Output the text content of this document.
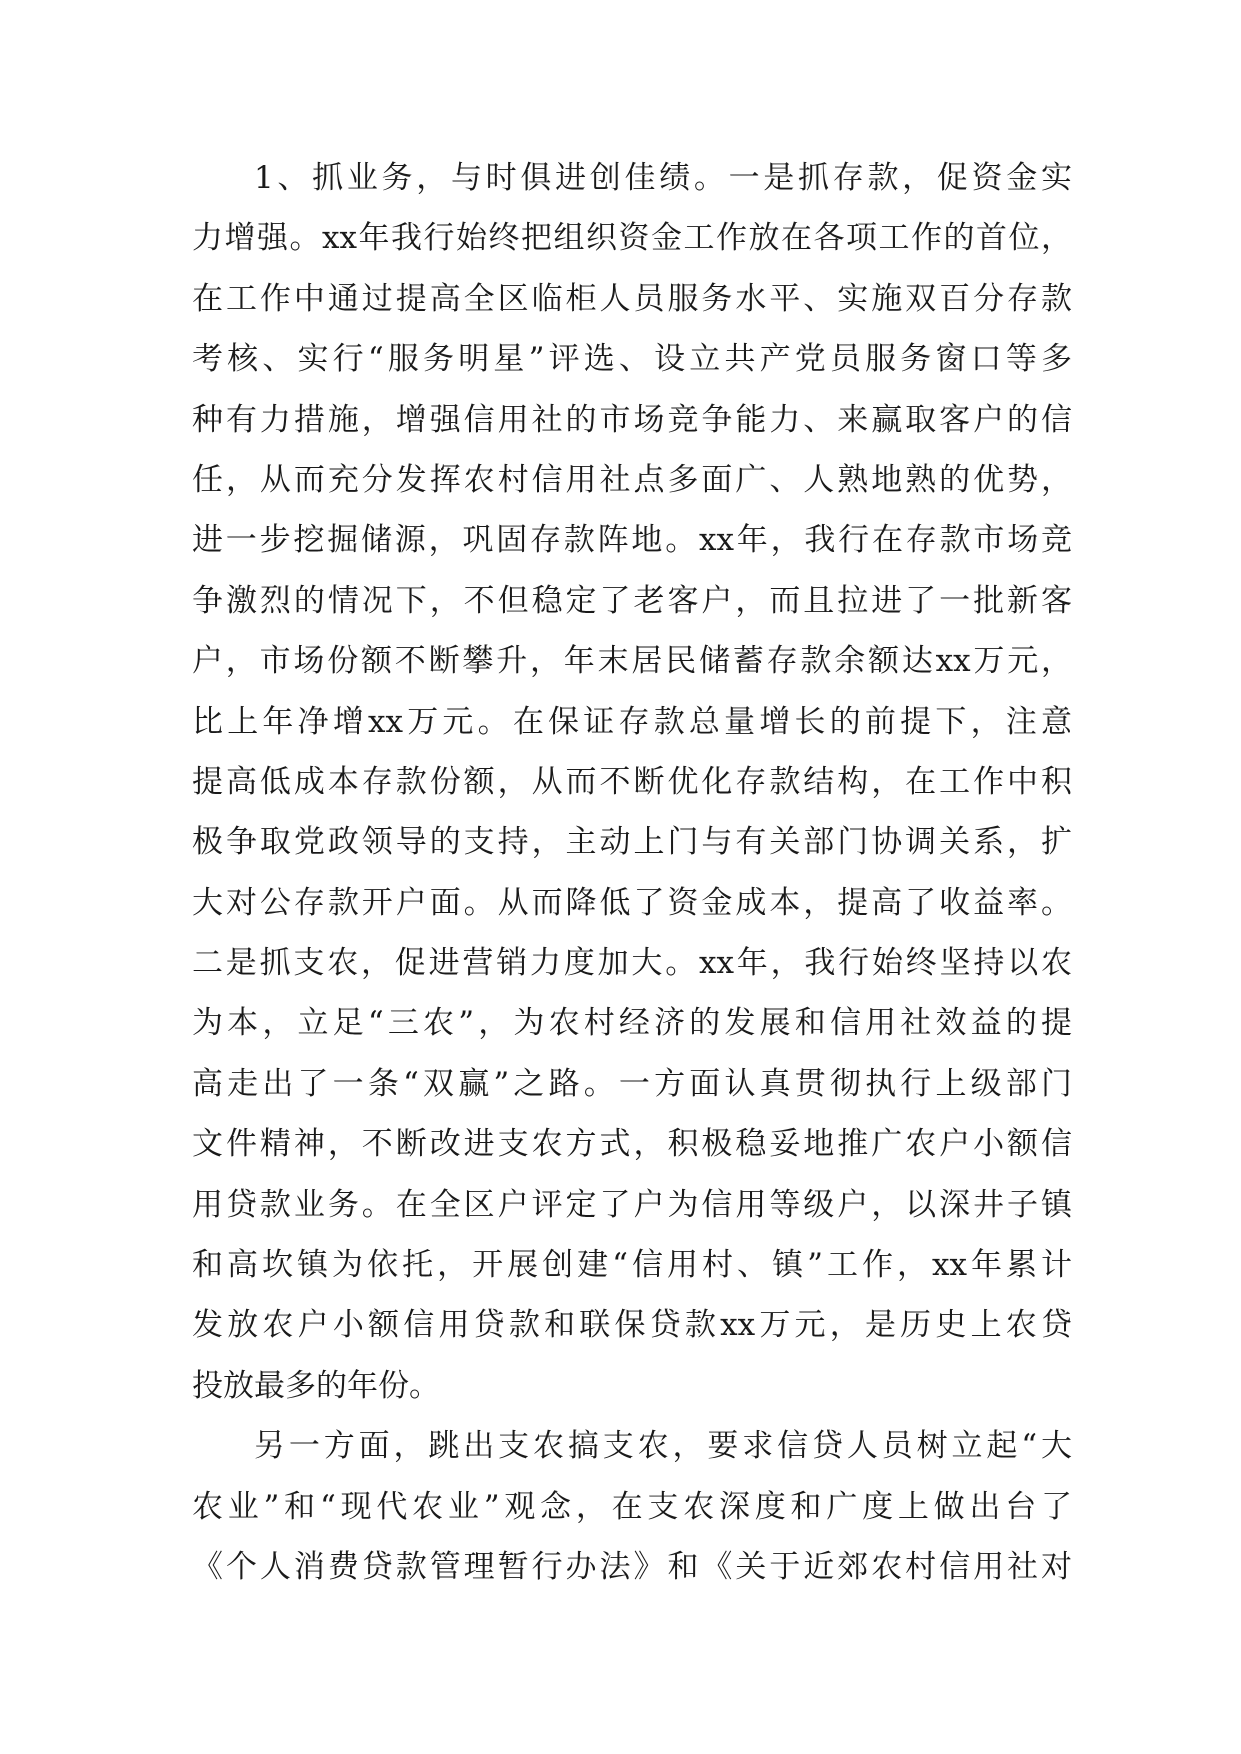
1、抓业务，与时俱进创佳绩。一是抓存款，促资金实
力增强。xx年我行始终把组织资金工作放在各项工作的首位，
在工作中通过提高全区临柜人员服务水平、实施双百分存款
考核、实行“服务明星”评选、设立共产党员服务窗口等多
种有力措施，增强信用社的市场竞争能力、来赢取客户的信
任，从而充分发挥农村信用社点多面广、人熟地熟的优势，
进一步挖掘储源，巩固存款阵地。xx年，我行在存款市场竞
争激烈的情况下，不但稳定了老客户，而且拉进了一批新客
户，市场份额不断攀升，年末居民储蓄存款余额达xx万元，
比上年净增xx万元。在保证存款总量增长的前提下，注意
提高低成本存款份额，从而不断优化存款结构，在工作中积
极争取党政领导的支持，主动上门与有关部门协调关系，扩
大对公存款开户面。从而降低了资金成本，提高了收益率。
二是抓支农，促进营销力度加大。xx年，我行始终坚持以农
为本，立足“三农”，为农村经济的发展和信用社效益的提
高走出了一条“双赢”之路。一方面认真贯彻执行上级部门
文件精神，不断改进支农方式，积极稳妥地推广农户小额信
用贷款业务。在全区户评定了户为信用等级户，以深井子镇
和高坎镇为依托，开展创建“信用村、镇”工作，xx年累计
发放农户小额信用贷款和联保贷款xx万元，是历史上农贷
投放最多的年份。
另一方面，跳出支农搞支农，要求信贷人员树立起“大
农业”和“现代农业”观念，在支农深度和广度上做出台了
《个人消费贷款管理暂行办法》和《关于近郊农村信用社对
